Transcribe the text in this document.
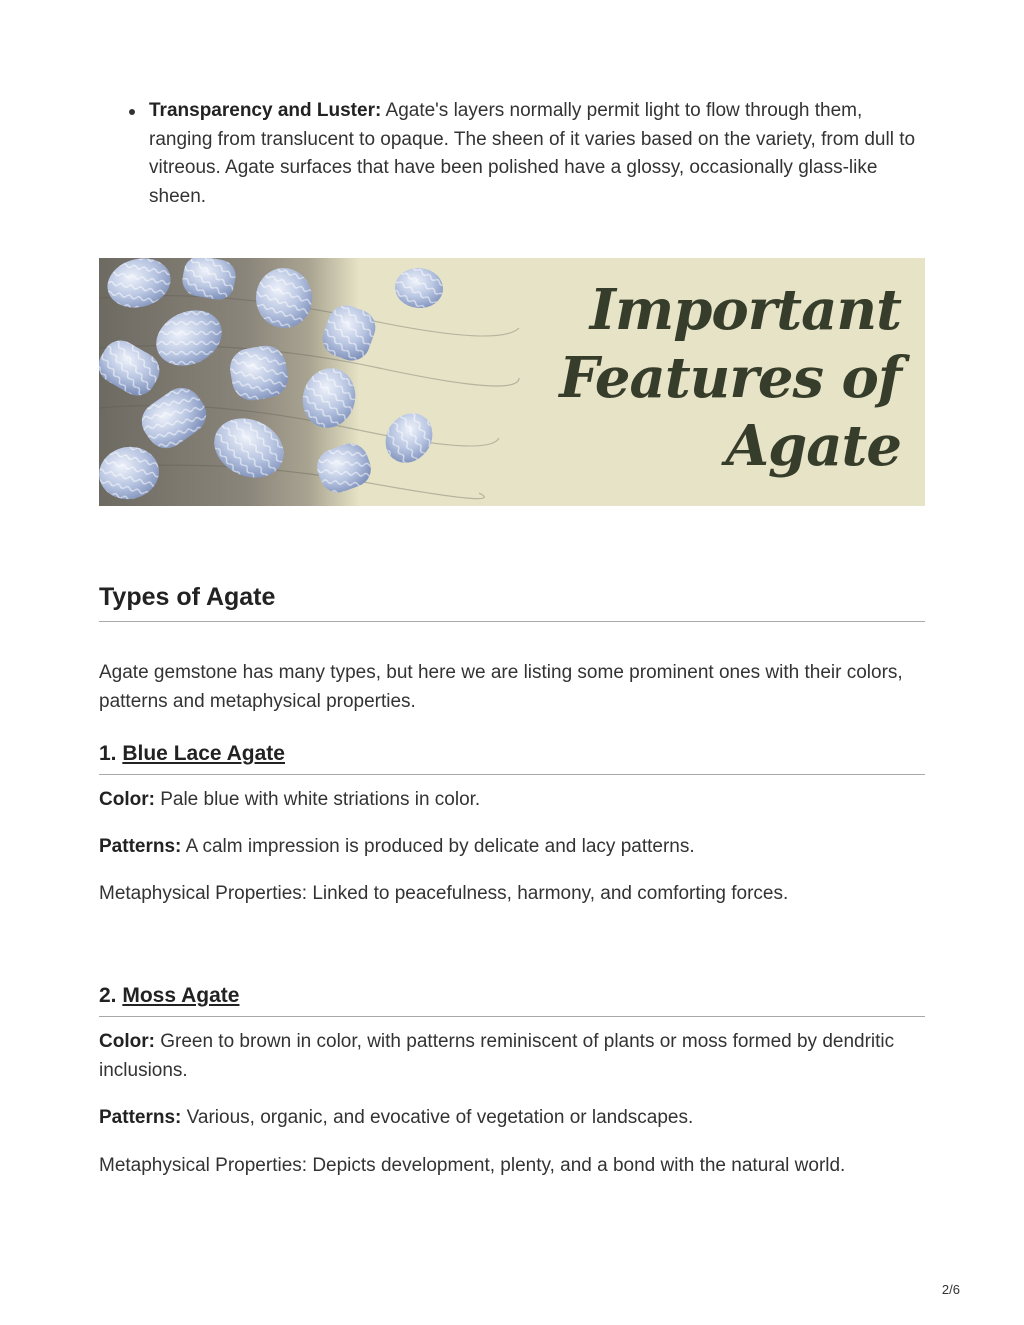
Transparency and Luster: Agate's layers normally permit light to flow through them, ranging from translucent to opaque. The sheen of it varies based on the variety, from dull to vitreous. Agate surfaces that have been polished have a glossy, occasionally glass-like sheen.
Important
Features of
Agate
Types of Agate

Agate gemstone has many types, but here we are listing some prominent ones with their colors, patterns and metaphysical properties.

1. Blue Lace Agate

Color: Pale blue with white striations in color.

Patterns: A calm impression is produced by delicate and lacy patterns.

Metaphysical Properties: Linked to peacefulness, harmony, and comforting forces.

2. Moss Agate

Color: Green to brown in color, with patterns reminiscent of plants or moss formed by dendritic inclusions.

Patterns: Various, organic, and evocative of vegetation or landscapes.

Metaphysical Properties: Depicts development, plenty, and a bond with the natural world.

2/6
